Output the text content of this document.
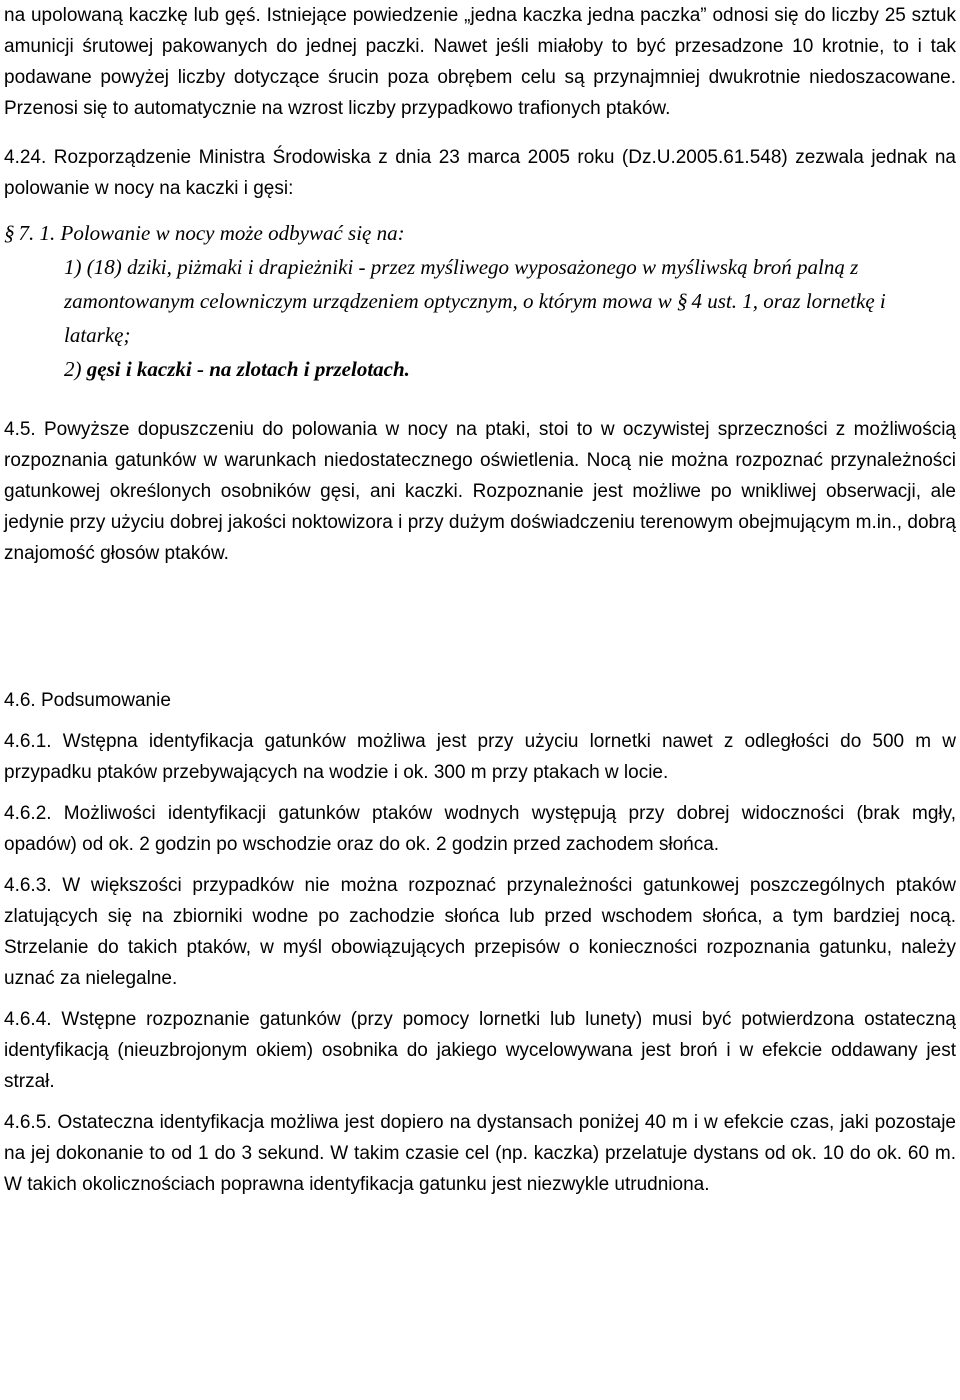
na upolowaną kaczkę lub gęś. Istniejące powiedzenie „jedna kaczka jedna paczka” odnosi się do liczby 25 sztuk amunicji śrutowej pakowanych do jednej paczki. Nawet jeśli miałoby to być przesadzone 10 krotnie, to i tak podawane powyżej liczby dotyczące śrucin poza obrębem celu są przynajmniej dwukrotnie niedoszacowane. Przenosi się to automatycznie na wzrost liczby przypadkowo trafionych ptaków.

4.24. Rozporządzenie Ministra Środowiska z dnia 23 marca 2005 roku (Dz.U.2005.61.548) zezwala jednak na polowanie w nocy na kaczki i gęsi:

§ 7. 1. Polowanie w nocy może odbywać się na:

1) (18) dziki, piżmaki i drapieżniki - przez myśliwego wyposażonego w myśliwską broń palną z zamontowanym celowniczym urządzeniem optycznym, o którym mowa w § 4 ust. 1, oraz lornetkę i latarkę;

2) gęsi i kaczki - na zlotach i przelotach.

4.5. Powyższe dopuszczeniu do polowania w nocy na ptaki, stoi to w oczywistej sprzeczności z możliwością rozpoznania gatunków w warunkach niedostatecznego oświetlenia. Nocą nie można rozpoznać przynależności gatunkowej określonych osobników gęsi, ani kaczki. Rozpoznanie jest możliwe po wnikliwej obserwacji, ale jedynie przy użyciu dobrej jakości noktowizora i przy dużym doświadczeniu terenowym obejmującym m.in., dobrą znajomość głosów ptaków.

4.6. Podsumowanie

4.6.1. Wstępna identyfikacja gatunków możliwa jest przy użyciu lornetki nawet z odległości do 500 m w przypadku ptaków przebywających na wodzie i ok. 300 m przy ptakach w locie.

4.6.2. Możliwości identyfikacji gatunków ptaków wodnych występują przy dobrej widoczności (brak mgły, opadów) od ok. 2 godzin po wschodzie oraz do ok. 2 godzin przed zachodem słońca.

4.6.3. W większości przypadków nie można rozpoznać przynależności gatunkowej poszczególnych ptaków zlatujących się na zbiorniki wodne po zachodzie słońca lub przed wschodem słońca, a tym bardziej nocą. Strzelanie do takich ptaków, w myśl obowiązujących przepisów o konieczności rozpoznania gatunku, należy uznać za nielegalne.

4.6.4. Wstępne rozpoznanie gatunków (przy pomocy lornetki lub lunety) musi być potwierdzona ostateczną identyfikacją (nieuzbrojonym okiem) osobnika do jakiego wycelowywana jest broń i w efekcie oddawany jest strzał.

4.6.5. Ostateczna identyfikacja możliwa jest dopiero na dystansach poniżej 40 m i w efekcie czas, jaki pozostaje na jej dokonanie to od 1 do 3 sekund. W takim czasie cel (np. kaczka) przelatuje dystans od ok. 10 do ok. 60 m. W takich okolicznościach poprawna identyfikacja gatunku jest niezwykle utrudniona.
